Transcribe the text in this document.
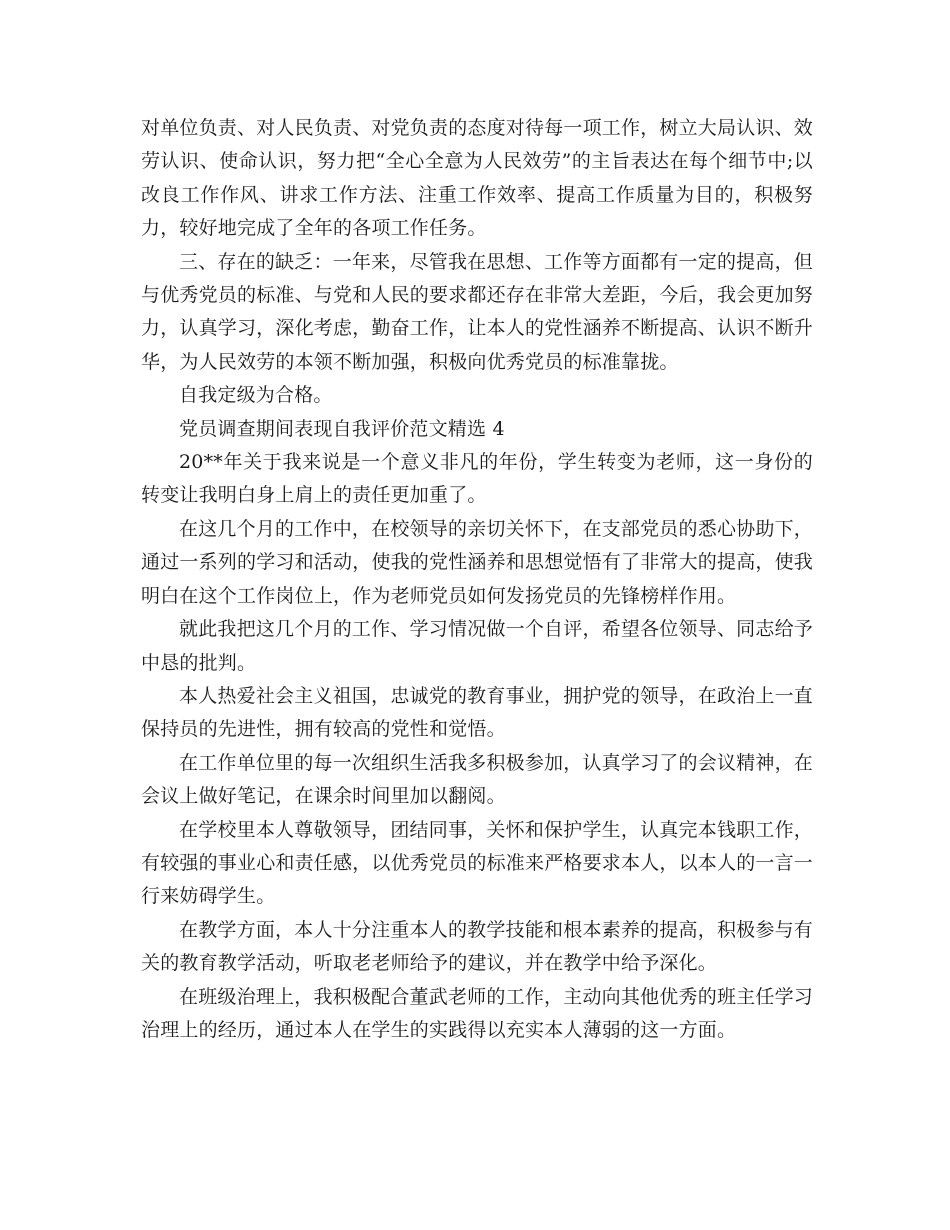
对单位负责、对人民负责、对党负责的态度对待每一项工作，树立大局认识、效劳认识、使命认识，努力把“全心全意为人民效劳”的主旨表达在每个细节中;以改良工作作风、讲求工作方法、注重工作效率、提高工作质量为目的，积极努力，较好地完成了全年的各项工作任务。

三、存在的缺乏：一年来，尽管我在思想、工作等方面都有一定的提高，但与优秀党员的标准、与党和人民的要求都还存在非常大差距，今后，我会更加努力，认真学习，深化考虑，勤奋工作，让本人的党性涵养不断提高、认识不断升华，为人民效劳的本领不断加强，积极向优秀党员的标准靠拢。

自我定级为合格。

党员调查期间表现自我评价范文精选 4

20**年关于我来说是一个意义非凡的年份，学生转变为老师，这一身份的转变让我明白身上肩上的责任更加重了。

在这几个月的工作中，在校领导的亲切关怀下，在支部党员的悉心协助下，通过一系列的学习和活动，使我的党性涵养和思想觉悟有了非常大的提高，使我明白在这个工作岗位上，作为老师党员如何发扬党员的先锋榜样作用。

就此我把这几个月的工作、学习情况做一个自评，希望各位领导、同志给予中恳的批判。

本人热爱社会主义祖国，忠诚党的教育事业，拥护党的领导，在政治上一直保持员的先进性，拥有较高的党性和觉悟。

在工作单位里的每一次组织生活我多积极参加，认真学习了的会议精神，在会议上做好笔记，在课余时间里加以翻阅。

在学校里本人尊敬领导，团结同事，关怀和保护学生，认真完本钱职工作，有较强的事业心和责任感，以优秀党员的标准来严格要求本人，以本人的一言一行来妨碍学生。

在教学方面，本人十分注重本人的教学技能和根本素养的提高，积极参与有关的教育教学活动，听取老老师给予的建议，并在教学中给予深化。

在班级治理上，我积极配合董武老师的工作，主动向其他优秀的班主任学习治理上的经历，通过本人在学生的实践得以充实本人薄弱的这一方面。
